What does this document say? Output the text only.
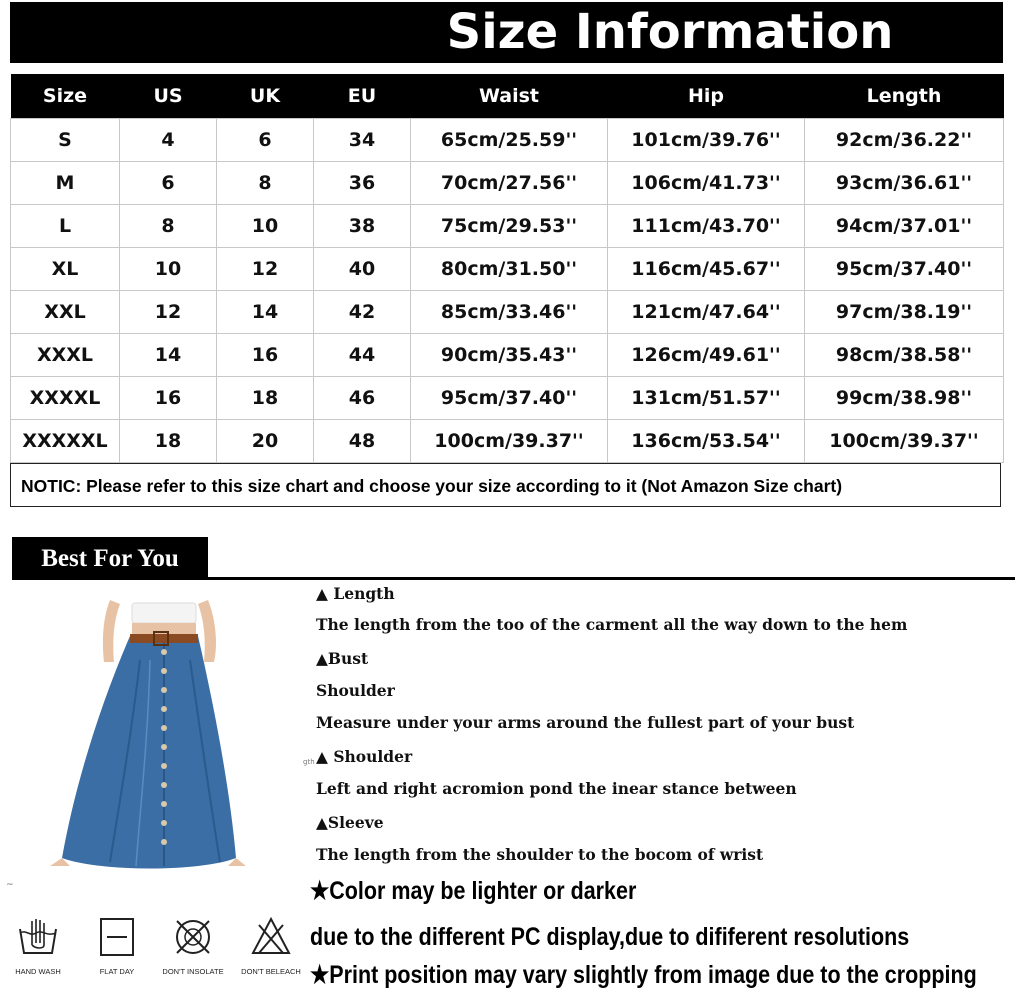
Size Information
Size	US	UK	EU	Waist	Hip	Length
S	4	6	34	65cm/25.59''	101cm/39.76''	92cm/36.22''
M	6	8	36	70cm/27.56''	106cm/41.73''	93cm/36.61''
L	8	10	38	75cm/29.53''	111cm/43.70''	94cm/37.01''
XL	10	12	40	80cm/31.50''	116cm/45.67''	95cm/37.40''
XXL	12	14	42	85cm/33.46''	121cm/47.64''	97cm/38.19''
XXXL	14	16	44	90cm/35.43''	126cm/49.61''	98cm/38.58''
XXXXL	16	18	46	95cm/37.40''	131cm/51.57''	99cm/38.98''
XXXXXL	18	20	48	100cm/39.37''	136cm/53.54''	100cm/39.37''
NOTIC: Please refer to this size chart and choose your size according to it (Not Amazon Size chart)
Best For You
~
▲ Length
The length from the too of the carment all the way down to the hem
▲Bust
Shoulder
Measure under your arms around the fullest part of your bust
gth ▲ Shoulder
Left and right acromion pond the inear stance between
▲Sleeve
The length from the shoulder to the bocom of wrist
★Color may be lighter or darker
due to the different PC display,due to dififerent resolutions
★Print position may vary slightly from image due to the cropping
HAND WASH	FLAT DAY	DON'T INSOLATE	DON'T BELEACH
